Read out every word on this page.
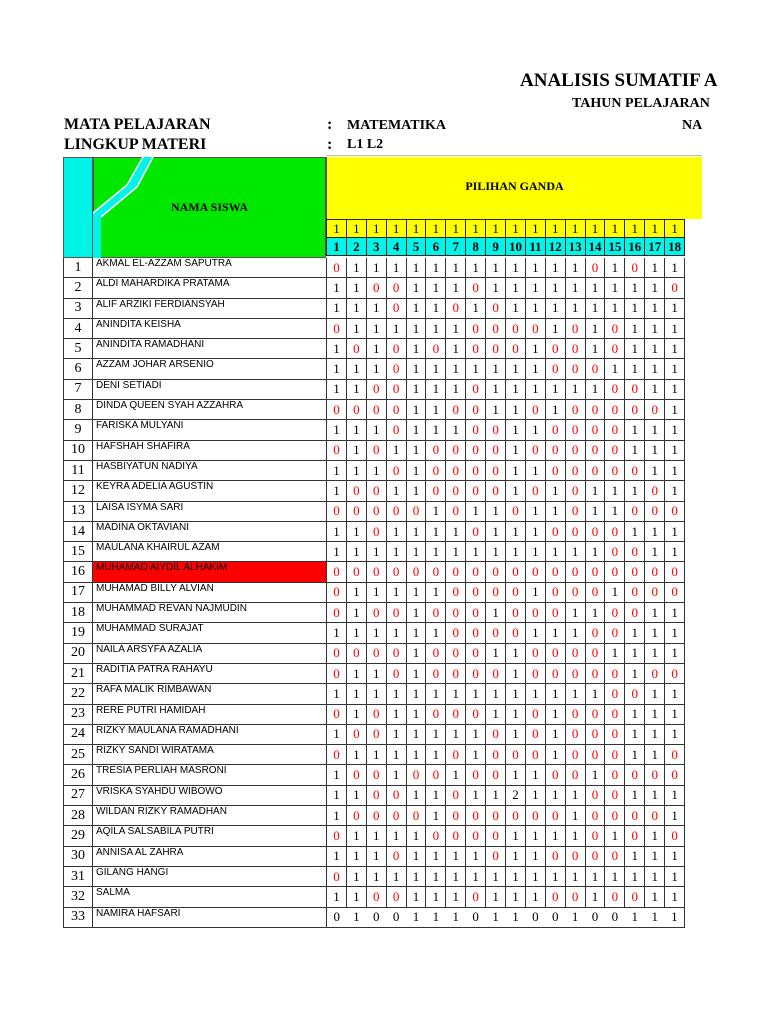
ANALISIS SUMATIF A
TAHUN PELAJARAN
MATA PELAJARAN	: MATEMATIKA	NA
LINGKUP MATERI	: L1 L2
NAMA SISWA
PILIHAN GANDA
1	1	1	1	1	1	1	1	1	1	1	1	1	1	1	1	1	1
1	2	3	4	5	6	7	8	9	10	11	12	13	14	15	16	17	18
1	AKMAL EL-AZZAM SAPUTRA	0	1	1	1	1	1	1	1	1	1	1	1	1	0	1	0	1	1
2	ALDI MAHARDIKA PRATAMA	1	1	0	0	1	1	1	0	1	1	1	1	1	1	1	1	1	0
3	ALIF ARZIKI FERDIANSYAH	1	1	1	0	1	1	0	1	0	1	1	1	1	1	1	1	1	1
4	ANINDITA KEISHA	0	1	1	1	1	1	1	0	0	0	0	1	0	1	0	1	1	1
5	ANINDITA RAMADHANI	1	0	1	0	1	0	1	0	0	0	1	0	0	1	0	1	1	1
6	AZZAM JOHAR ARSENIO	1	1	1	0	1	1	1	1	1	1	1	0	0	0	1	1	1	1
7	DENI SETIADI	1	1	0	0	1	1	1	0	1	1	1	1	1	1	0	0	1	1
8	DINDA QUEEN SYAH AZZAHRA	0	0	0	0	1	1	0	0	1	1	0	1	0	0	0	0	0	1
9	FARISKA MULYANI	1	1	1	0	1	1	1	0	0	1	1	0	0	0	0	1	1	1
10	HAFSHAH SHAFIRA	0	1	0	1	1	0	0	0	0	1	0	0	0	0	0	1	1	1
11	HASBIYATUN NADIYA	1	1	1	0	1	0	0	0	0	1	1	0	0	0	0	0	1	1
12	KEYRA ADELIA AGUSTIN	1	0	0	1	1	0	0	0	0	1	0	1	0	1	1	1	0	1
13	LAISA ISYMA SARI	0	0	0	0	0	1	0	1	1	0	1	1	0	1	1	0	0	0
14	MADINA OKTAVIANI	1	1	0	1	1	1	1	0	1	1	1	0	0	0	0	1	1	1
15	MAULANA KHAIRUL AZAM	1	1	1	1	1	1	1	1	1	1	1	1	1	1	0	0	1	1
16	MUHAMAD AIYDIL ALHAKIM	0	0	0	0	0	0	0	0	0	0	0	0	0	0	0	0	0	0
17	MUHAMAD BILLY ALVIAN	0	1	1	1	1	1	0	0	0	0	1	0	0	0	1	0	0	0
18	MUHAMMAD REVAN NAJMUDIN	0	1	0	0	1	0	0	0	1	0	0	0	1	1	0	0	1	1
19	MUHAMMAD SURAJAT	1	1	1	1	1	1	0	0	0	0	1	1	1	0	0	1	1	1
20	NAILA ARSYFA AZALIA	0	0	0	0	1	0	0	0	1	1	0	0	0	0	1	1	1	1
21	RADITIA PATRA RAHAYU	0	1	1	0	1	0	0	0	0	1	0	0	0	0	0	1	0	0
22	RAFA MALIK RIMBAWAN	1	1	1	1	1	1	1	1	1	1	1	1	1	1	0	0	1	1
23	RERE PUTRI HAMIDAH	0	1	0	1	1	0	0	0	1	1	0	1	0	0	0	1	1	1
24	RIZKY MAULANA RAMADHANI	1	0	0	1	1	1	1	1	0	1	0	1	0	0	0	1	1	1
25	RIZKY SANDI WIRATAMA	0	1	1	1	1	1	0	1	0	0	0	1	0	0	0	1	1	0
26	TRESIA PERLIAH MASRONI	1	0	0	1	0	0	1	0	0	1	1	0	0	1	0	0	0	0
27	VRISKA SYAHDU WIBOWO	1	1	0	0	1	1	0	1	1	2	1	1	1	0	0	1	1	1
28	WILDAN RIZKY RAMADHAN	1	0	0	0	0	1	0	0	0	0	0	0	1	0	0	0	0	1
29	AQILA SALSABILA PUTRI	0	1	1	1	1	0	0	0	0	1	1	1	1	0	1	0	1	0
30	ANNISA AL ZAHRA	1	1	1	0	1	1	1	1	0	1	1	0	0	0	0	1	1	1
31	GILANG HANGI	0	1	1	1	1	1	1	1	1	1	1	1	1	1	1	1	1	1
32	SALMA	1	1	0	0	1	1	1	0	1	1	1	0	0	1	0	0	1	1
33	NAMIRA HAFSARI	0	1	0	0	1	1	1	0	1	1	0	0	1	0	0	1	1	1
